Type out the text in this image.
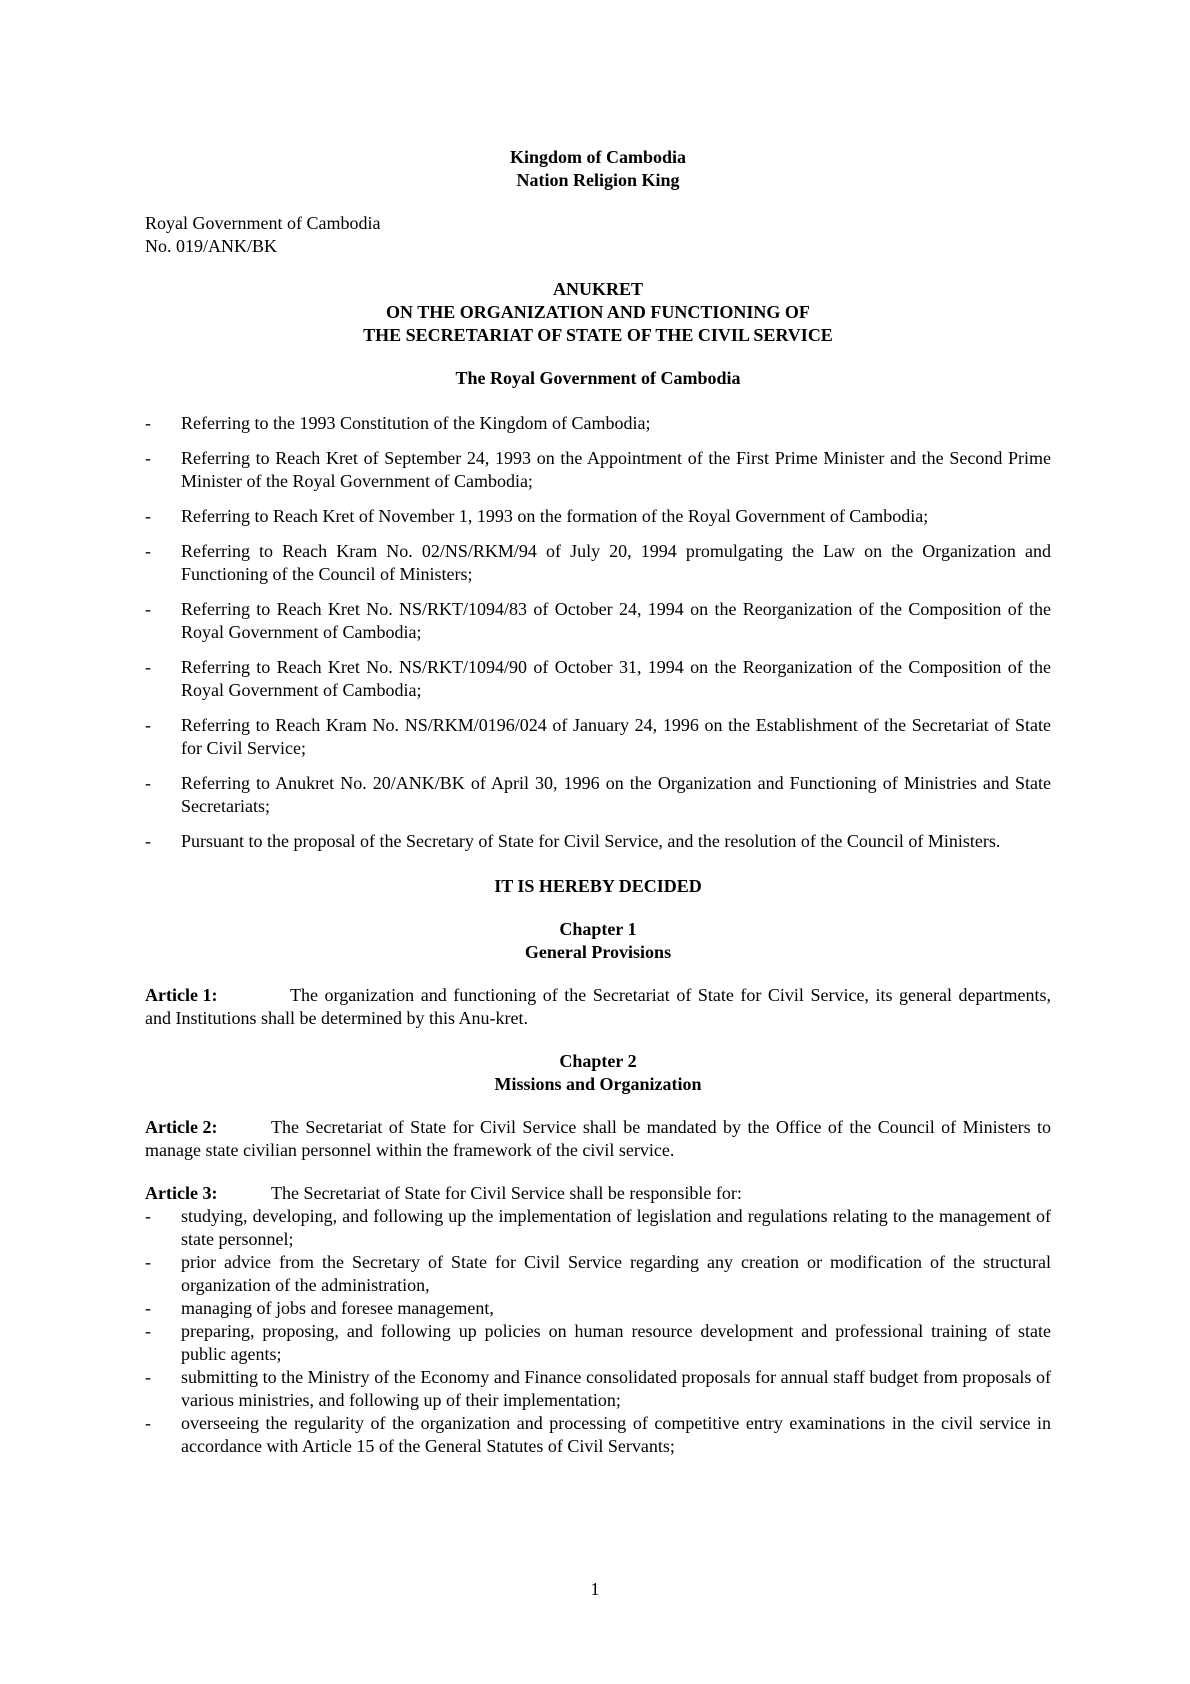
Kingdom of Cambodia
Nation Religion King
Royal Government of Cambodia
No. 019/ANK/BK
ANUKRET
ON THE ORGANIZATION AND FUNCTIONING OF
THE SECRETARIAT OF STATE OF THE CIVIL SERVICE
The Royal Government of Cambodia
- Referring to the 1993 Constitution of the Kingdom of Cambodia;
- Referring to Reach Kret of September 24, 1993 on the Appointment of the First Prime Minister and the Second Prime Minister of the Royal Government of Cambodia;
- Referring to Reach Kret of November 1, 1993 on the formation of the Royal Government of Cambodia;
- Referring to Reach Kram No. 02/NS/RKM/94 of July 20, 1994 promulgating the Law on the Organization and Functioning of the Council of Ministers;
- Referring to Reach Kret No. NS/RKT/1094/83 of October 24, 1994 on the Reorganization of the Composition of the Royal Government of Cambodia;
- Referring to Reach Kret No. NS/RKT/1094/90 of October 31, 1994 on the Reorganization of the Composition of the Royal Government of Cambodia;
- Referring to Reach Kram No. NS/RKM/0196/024 of January 24, 1996 on the Establishment of the Secretariat of State for Civil Service;
- Referring to Anukret No. 20/ANK/BK of April 30, 1996 on the Organization and Functioning of Ministries and State Secretariats;
- Pursuant to the proposal of the Secretary of State for Civil Service, and the resolution of the Council of Ministers.
IT IS HEREBY DECIDED
Chapter 1
General Provisions
Article 1:	The organization and functioning of the Secretariat of State for Civil Service, its general departments, and Institutions shall be determined by this Anu-kret.
Chapter 2
Missions and Organization
Article 2:	The Secretariat of State for Civil Service shall be mandated by the Office of the Council of Ministers to manage state civilian personnel within the framework of the civil service.
Article 3:	The Secretariat of State for Civil Service shall be responsible for:
- studying, developing, and following up the implementation of legislation and regulations relating to the management of state personnel;
- prior advice from the Secretary of State for Civil Service regarding any creation or modification of the structural organization of the administration,
- managing of jobs and foresee management,
- preparing, proposing, and following up policies on human resource development and professional training of state public agents;
- submitting to the Ministry of the Economy and Finance consolidated proposals for annual staff budget from proposals of various ministries, and following up of their implementation;
- overseeing the regularity of the organization and processing of competitive entry examinations in the civil service in accordance with Article 15 of the General Statutes of Civil Servants;
1
